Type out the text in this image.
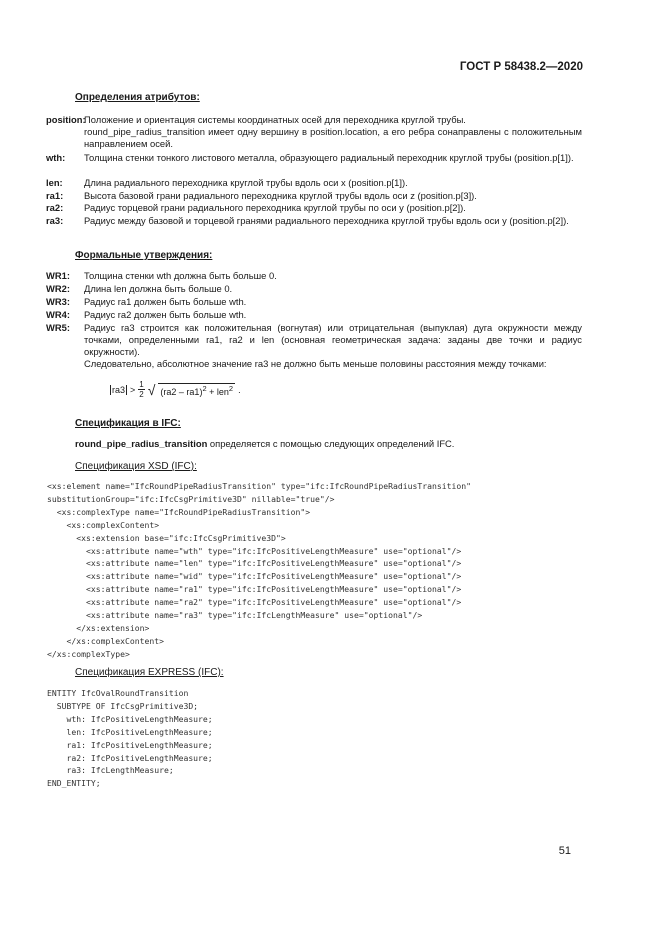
ГОСТ Р 58438.2—2020
Определения атрибутов:
position:

Положение и ориентация системы координатных осей для переходника круглой трубы.

round_pipe_radius_transition имеет одну вершину в position.location, а его ребра сонаправлены с положительным направлением осей.

wth: Толщина стенки тонкого листового металла, образующего радиальный переходник круглой трубы (position.p[1]).

len: Длина радиального переходника круглой трубы вдоль оси x (position.p[1]).

ra1: Высота базовой грани радиального переходника круглой трубы вдоль оси z (position.p[3]).

ra2: Радиус торцевой грани радиального переходника круглой трубы по оси y (position.p[2]).

ra3: Радиус между базовой и торцевой гранями радиального переходника круглой трубы вдоль оси y (position.p[2]).

Формальные утверждения:
WR1: Толщина стенки wth должна быть больше 0.

WR2: Длина len должна быть больше 0.

WR3: Радиус ra1 должен быть больше wth.

WR4: Радиус ra2 должен быть больше wth.

WR5: Радиус ra3 строится как положительная (вогнутая) или отрицательная (выпуклая) дуга окружности между точками, определенными ra1, ra2 и len (основная геометрическая задача: заданы две точки и радиус окружности).

Следовательно, абсолютное значение ra3 не должно быть меньше половины расстояния между точками:

$ra3 > \frac{1}{2}$ √ (ra2 – ra1)$^2$ + len$^2$ .
Спецификация в IFC:
round_pipe_radius_transition определяется с помощью следующих определений IFC.
Спецификация XSD (IFC):
<xs:element name="IfcRoundPipeRadiusTransition" type="ifc:IfcRoundPipeRadiusTransition"
substitutionGroup="ifc:IfcCsgPrimitive3D" nillable="true"/>
<xs:complexType name="IfcRoundPipeRadiusTransition">
<xs:complexContent>
<xs:extension base="ifc:IfcCsgPrimitive3D">
<xs:attribute name="wth" type="ifc:IfcPositiveLengthMeasure" use="optional"/>
<xs:attribute name="len" type="ifc:IfcPositiveLengthMeasure" use="optional"/>
<xs:attribute name="wid" type="ifc:IfcPositiveLengthMeasure" use="optional"/>
<xs:attribute name="ra1" type="ifc:IfcPositiveLengthMeasure" use="optional"/>
<xs:attribute name="ra2" type="ifc:IfcPositiveLengthMeasure" use="optional"/>
<xs:attribute name="ra3" type="ifc:IfcLengthMeasure" use="optional"/>
</xs:extension>
</xs:complexContent>
</xs:complexType>
Спецификация EXPRESS (IFC):
ENTITY IfcOvalRoundTransition
SUBTYPE OF IfcCsgPrimitive3D;
wth: IfcPositiveLengthMeasure;
len: IfcPositiveLengthMeasure;
ra1: IfcPositiveLengthMeasure;
ra2: IfcPositiveLengthMeasure;
ra3: IfcLengthMeasure;
END_ENTITY;
51
